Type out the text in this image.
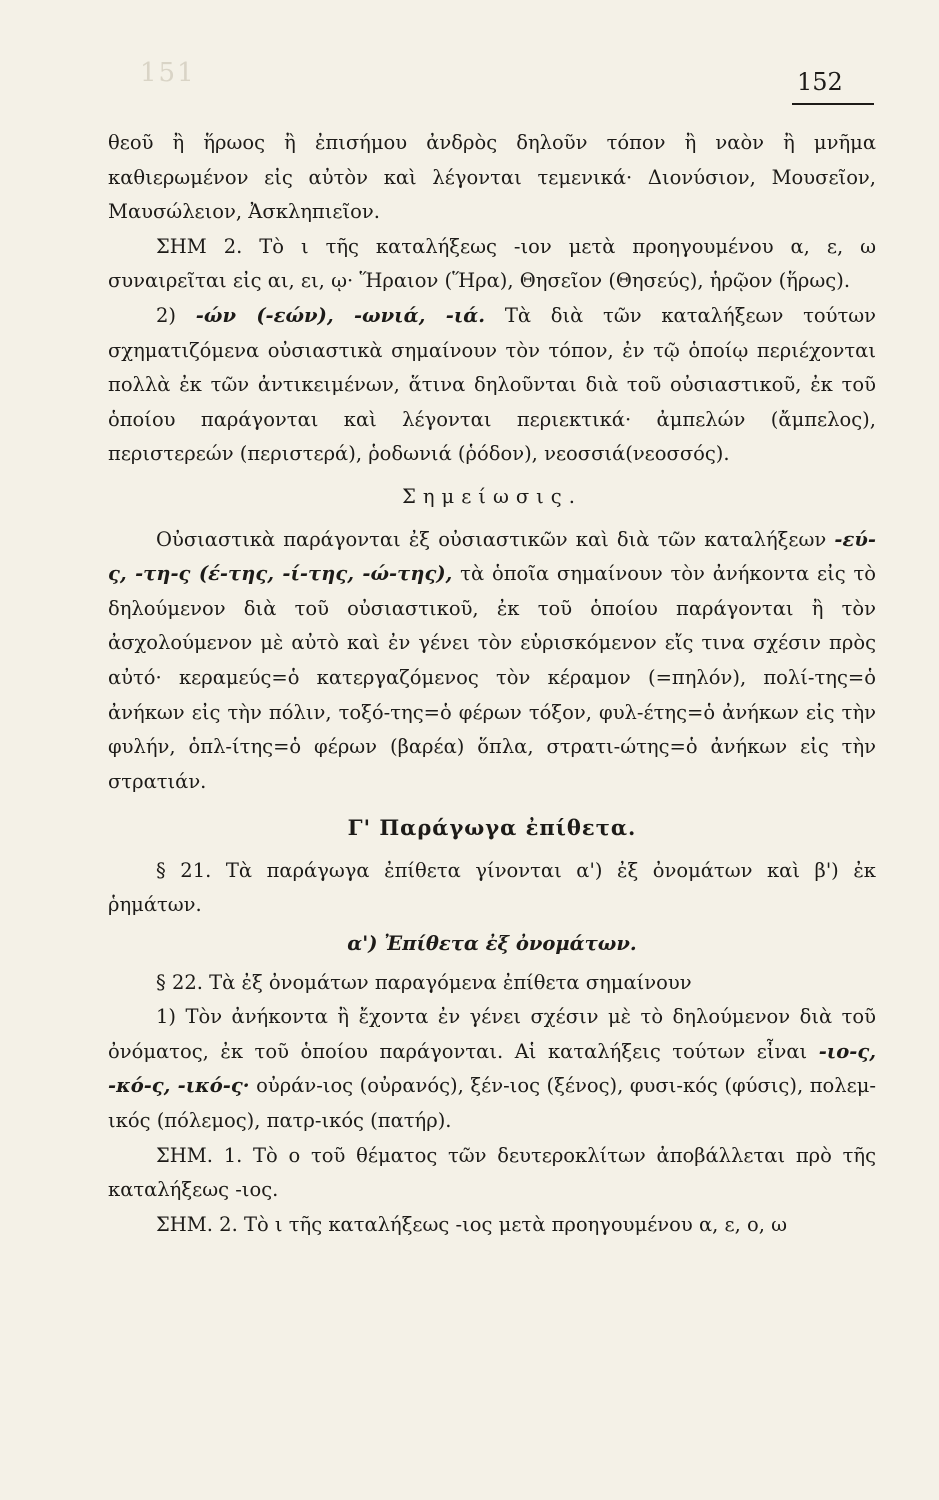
151	152

θεοῦ ἢ ἥρωος ἢ ἐπισήμου ἀνδρὸς δηλοῦν τόπον ἢ ναὸν ἢ μνῆμα καθιερωμένον εἰς αὐτὸν καὶ λέγονται τεμενικά· Διονύσιον, Μουσεῖον, Μαυσώλειον, Ἀσκληπιεῖον.

ΣΗΜ 2. Τὸ ι τῆς καταλήξεως -ιον μετὰ προηγουμένου α, ε, ω συναιρεῖται εἰς αι, ει, ῳ· Ἥραιον (Ἥρα), Θησεῖον (Θησεύς), ἡρῷον (ἥρως).

2) -ών (-εών), -ωνιά, -ιά. Τὰ διὰ τῶν καταλήξεων τούτων σχηματιζόμενα οὐσιαστικὰ σημαίνουν τὸν τόπον, ἐν τῷ ὁποίῳ περιέχονται πολλὰ ἐκ τῶν ἀντικειμένων, ἅτινα δηλοῦνται διὰ τοῦ οὐσιαστικοῦ, ἐκ τοῦ ὁποίου παράγονται καὶ λέγονται περιεκτικά· ἀμπελών (ἄμπελος), περιστερεών (περιστερά), ῥοδωνιά (ῥόδον), νεοσσιά(νεοσσός).

Σημείωσις.

Οὐσιαστικὰ παράγονται ἐξ οὐσιαστικῶν καὶ διὰ τῶν καταλήξεων -εύ-ς, -τη-ς (έ-της, -ί-της, -ώ-της), τὰ ὁποῖα σημαίνουν τὸν ἀνήκοντα εἰς τὸ δηλούμενον διὰ τοῦ οὐσιαστικοῦ, ἐκ τοῦ ὁποίου παράγονται ἢ τὸν ἀσχολούμενον μὲ αὐτὸ καὶ ἐν γένει τὸν εὑρισκόμενον εἴς τινα σχέσιν πρὸς αὐτό· κεραμεύς=ὁ κατεργαζόμενος τὸν κέραμον (=πηλόν), πολί-της=ὁ ἀνήκων εἰς τὴν πόλιν, τοξό-της=ὁ φέρων τόξον, φυλ-έτης=ὁ ἀνήκων εἰς τὴν φυλήν, ὁπλ-ίτης=ὁ φέρων (βαρέα) ὅπλα, στρατι-ώτης=ὁ ἀνήκων εἰς τὴν στρατιάν.

Γ' Παράγωγα ἐπίθετα.

§ 21. Τὰ παράγωγα ἐπίθετα γίνονται α') ἐξ ὀνομάτων καὶ β') ἐκ ῥημάτων.

α') Ἐπίθετα ἐξ ὀνομάτων.

§ 22. Τὰ ἐξ ὀνομάτων παραγόμενα ἐπίθετα σημαίνουν

1) Τὸν ἀνήκοντα ἢ ἔχοντα ἐν γένει σχέσιν μὲ τὸ δηλούμενον διὰ τοῦ ὀνόματος, ἐκ τοῦ ὁποίου παράγονται. Αἱ καταλήξεις τούτων εἶναι -ιο-ς, -κό-ς, -ικό-ς· οὐράν-ιος (οὐρανός), ξέν-ιος (ξένος), φυσι-κός (φύσις), πολεμ-ικός (πόλεμος), πατρ-ικός (πατήρ).

ΣΗΜ. 1. Τὸ ο τοῦ θέματος τῶν δευτεροκλίτων ἀποβάλλεται πρὸ τῆς καταλήξεως -ιος.

ΣΗΜ. 2. Τὸ ι τῆς καταλήξεως -ιος μετὰ προηγουμένου α, ε, ο, ω
